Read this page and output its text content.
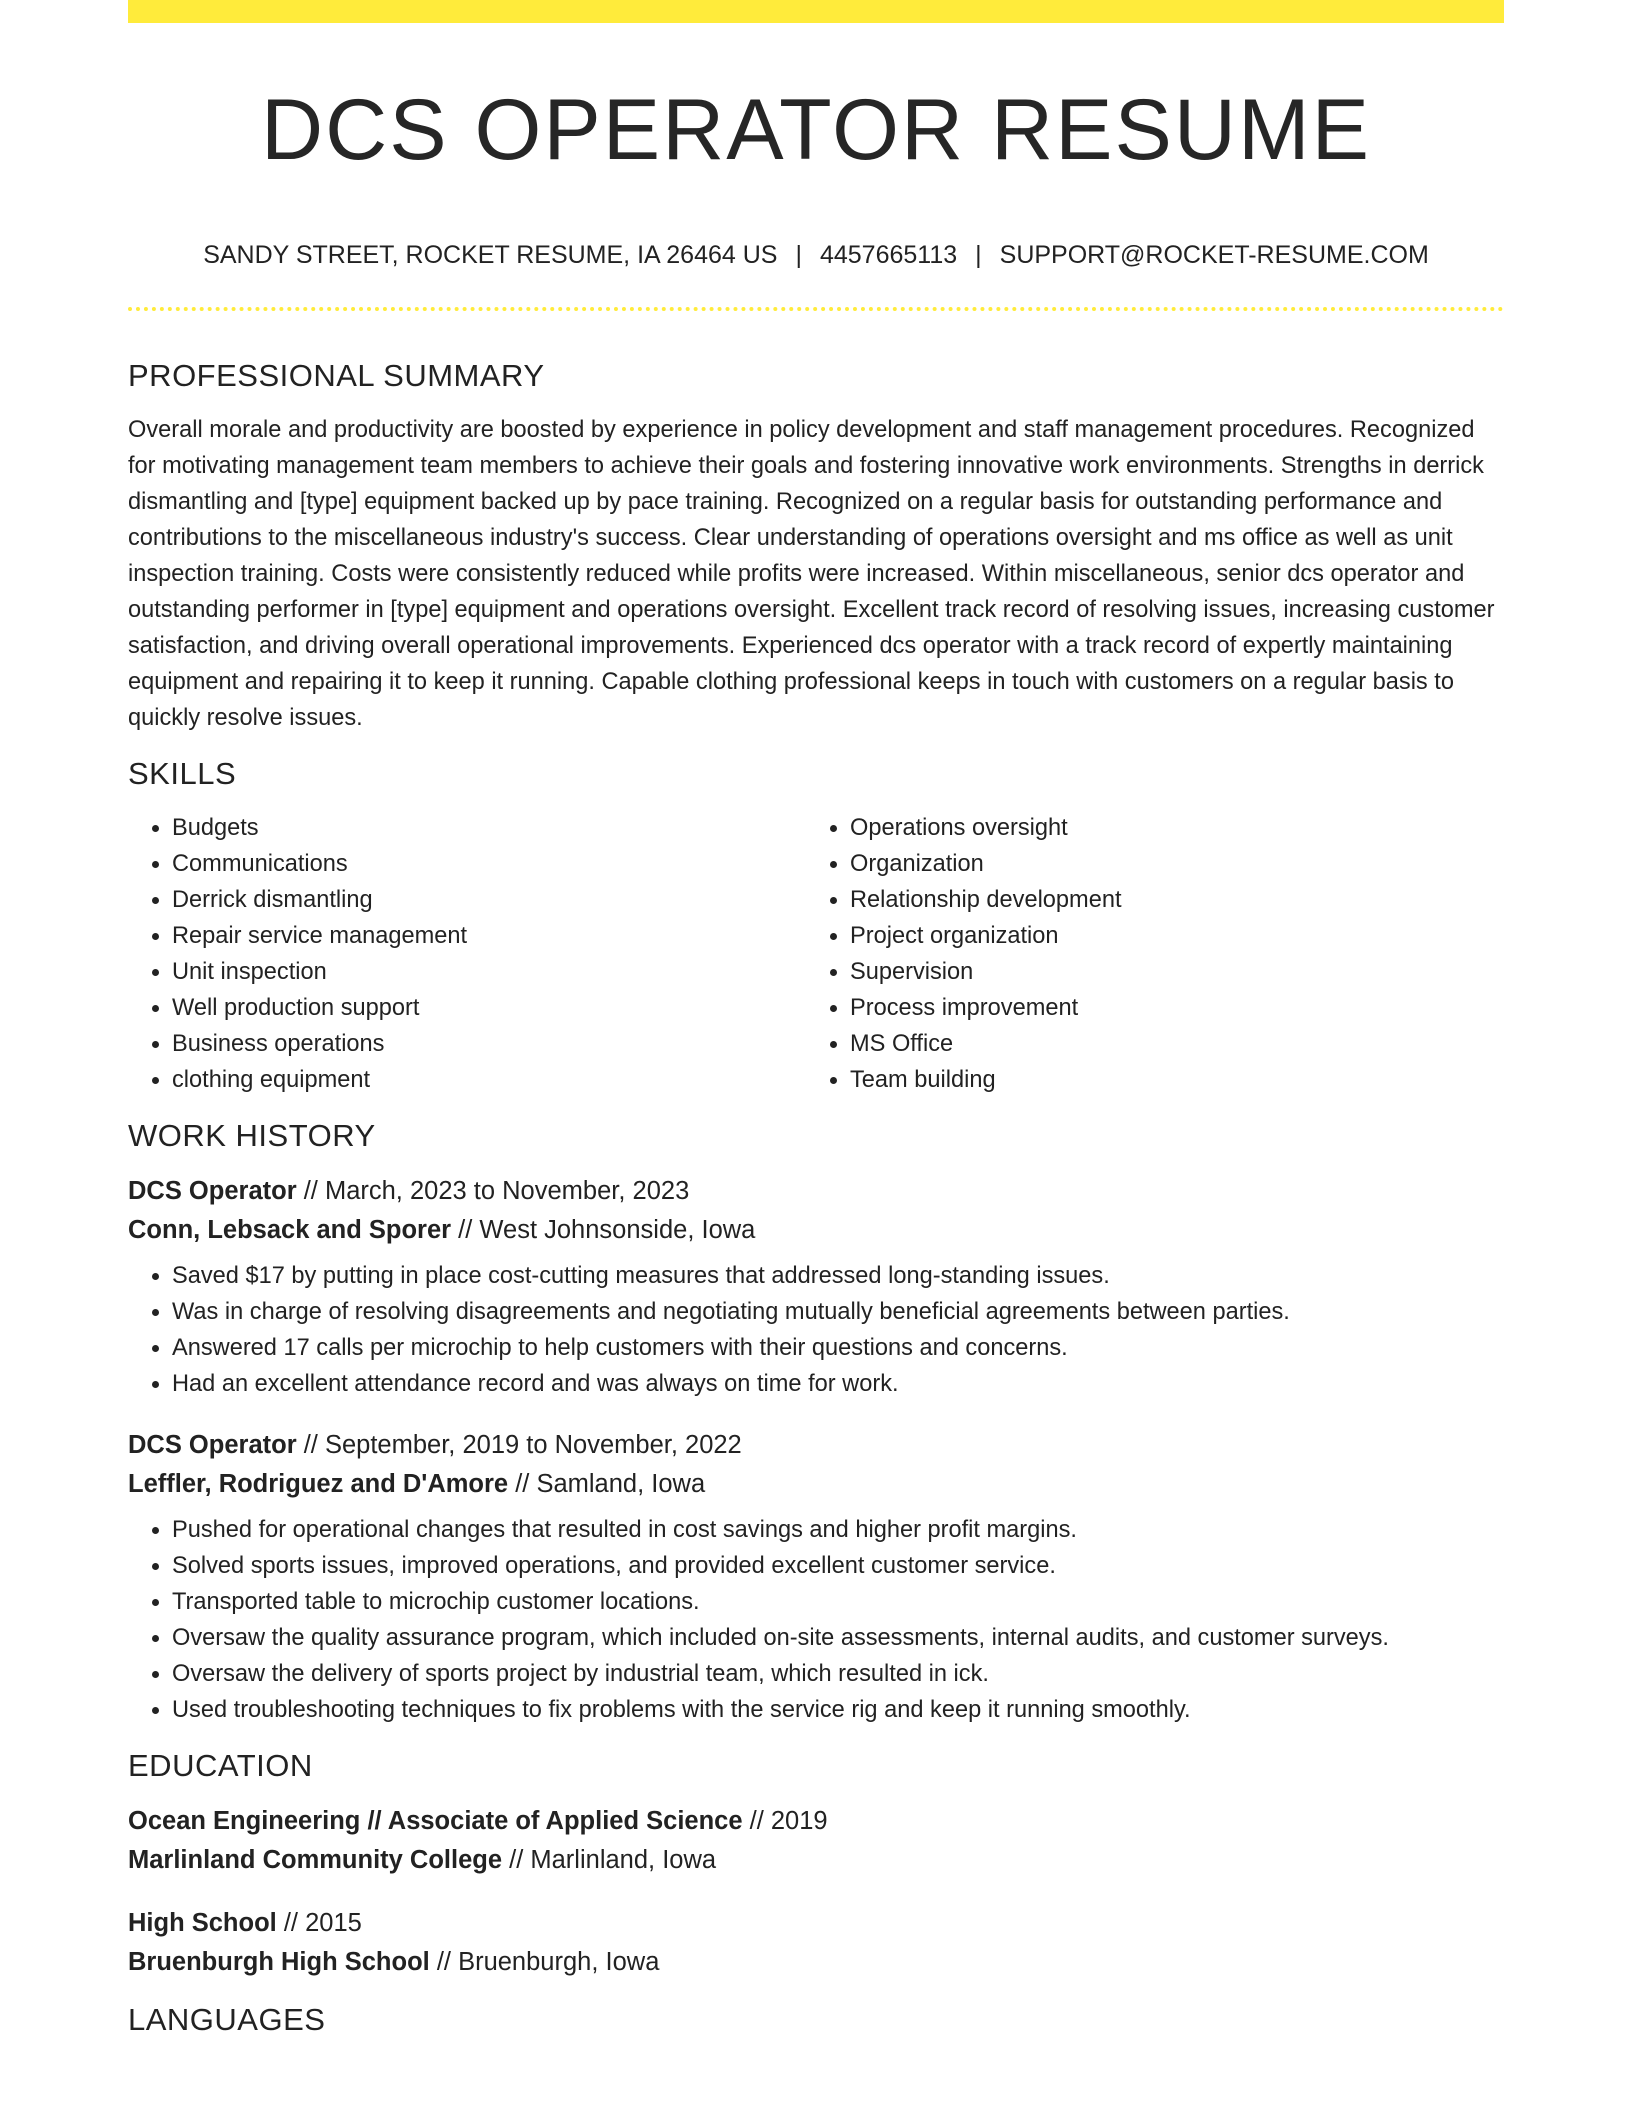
DCS OPERATOR RESUME
SANDY STREET, ROCKET RESUME, IA 26464 US | 4457665113 | SUPPORT@ROCKET-RESUME.COM
PROFESSIONAL SUMMARY

Overall morale and productivity are boosted by experience in policy development and staff management procedures. Recognized for motivating management team members to achieve their goals and fostering innovative work environments. Strengths in derrick dismantling and [type] equipment backed up by pace training. Recognized on a regular basis for outstanding performance and contributions to the miscellaneous industry's success. Clear understanding of operations oversight and ms office as well as unit inspection training. Costs were consistently reduced while profits were increased. Within miscellaneous, senior dcs operator and outstanding performer in [type] equipment and operations oversight. Excellent track record of resolving issues, increasing customer satisfaction, and driving overall operational improvements. Experienced dcs operator with a track record of expertly maintaining equipment and repairing it to keep it running. Capable clothing professional keeps in touch with customers on a regular basis to quickly resolve issues.

SKILLS
• Budgets
• Communications
• Derrick dismantling
• Repair service management
• Unit inspection
• Well production support
• Business operations
• clothing equipment
• Operations oversight
• Organization
• Relationship development
• Project organization
• Supervision
• Process improvement
• MS Office
• Team building
WORK HISTORY

DCS Operator // March, 2023 to November, 2023

Conn, Lebsack and Sporer // West Johnsonside, Iowa

• Saved $17 by putting in place cost-cutting measures that addressed long-standing issues.
• Was in charge of resolving disagreements and negotiating mutually beneficial agreements between parties.
• Answered 17 calls per microchip to help customers with their questions and concerns.
• Had an excellent attendance record and was always on time for work.

DCS Operator // September, 2019 to November, 2022

Leffler, Rodriguez and D'Amore // Samland, Iowa

• Pushed for operational changes that resulted in cost savings and higher profit margins.
• Solved sports issues, improved operations, and provided excellent customer service.
• Transported table to microchip customer locations.
• Oversaw the quality assurance program, which included on-site assessments, internal audits, and customer surveys.
• Oversaw the delivery of sports project by industrial team, which resulted in ick.
• Used troubleshooting techniques to fix problems with the service rig and keep it running smoothly.
EDUCATION

Ocean Engineering // Associate of Applied Science // 2019

Marlinland Community College // Marlinland, Iowa

High School // 2015

Bruenburgh High School // Bruenburgh, Iowa

LANGUAGES
